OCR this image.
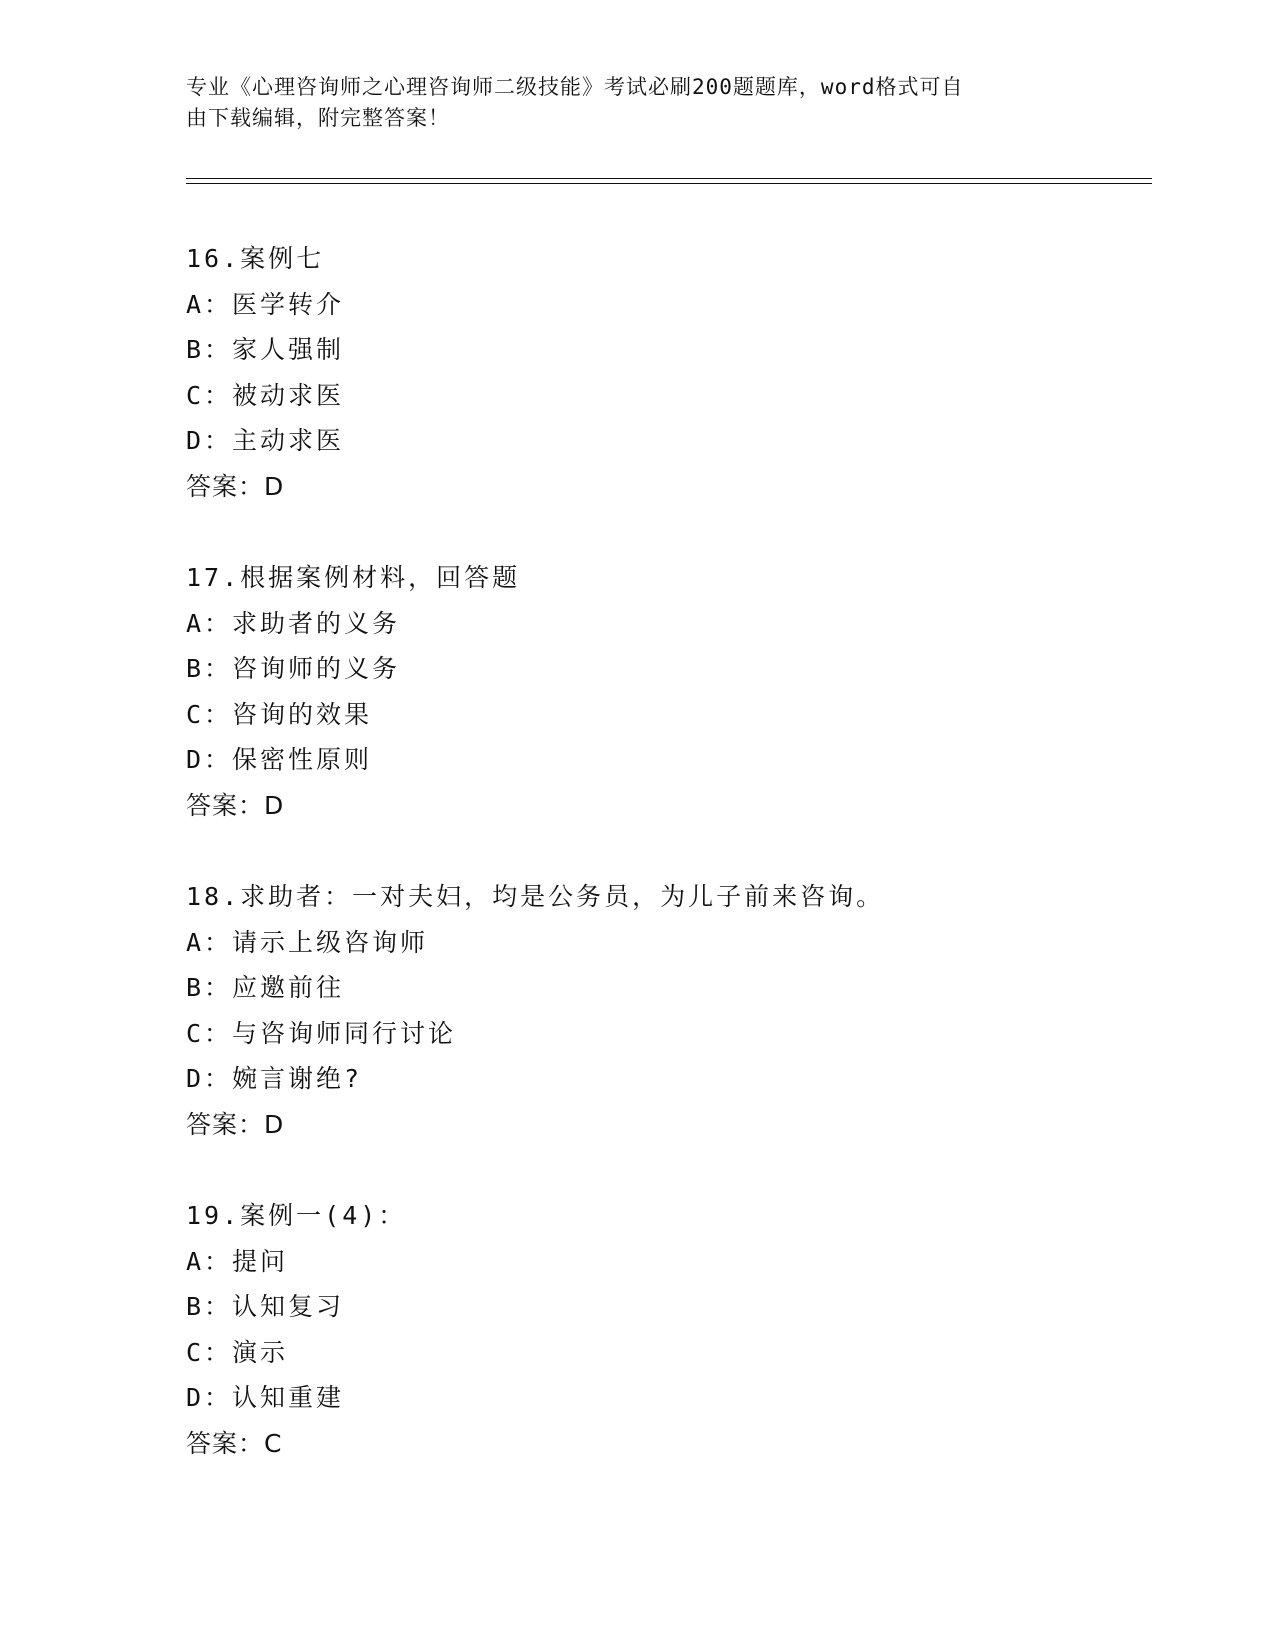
专业《心理咨询师之心理咨询师二级技能》考试必刷200题题库，word格式可自
由下载编辑，附完整答案！
16.案例七
A：医学转介
B：家人强制
C：被动求医
D：主动求医
答案：D
17.根据案例材料，回答题
A：求助者的义务
B：咨询师的义务
C：咨询的效果
D：保密性原则
答案：D
18.求助者：一对夫妇，均是公务员，为儿子前来咨询。
A：请示上级咨询师
B：应邀前往
C：与咨询师同行讨论
D：婉言谢绝?
答案：D
19.案例一(4)：
A：提问
B：认知复习
C：演示
D：认知重建
答案：C
